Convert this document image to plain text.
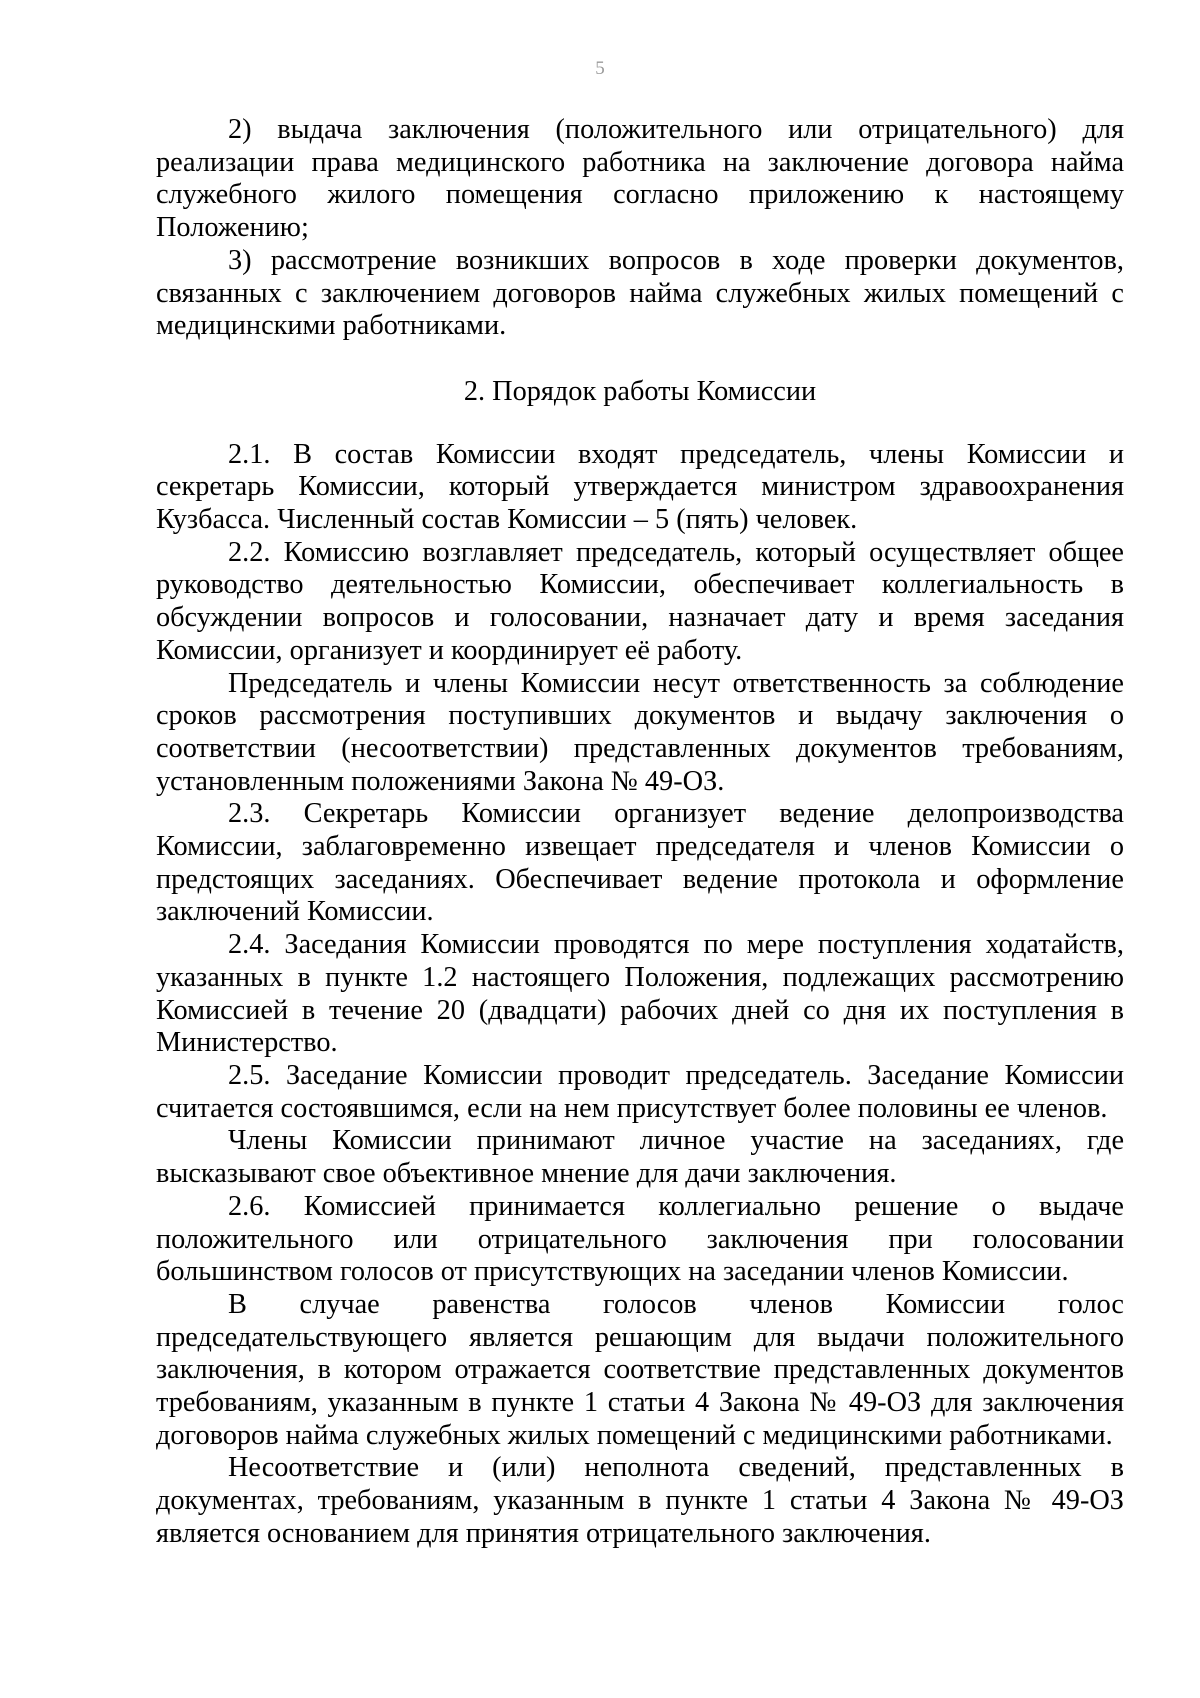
5

2) выдача заключения (положительного или отрицательного) для реализации права медицинского работника на заключение договора найма служебного жилого помещения согласно приложению к настоящему Положению;

3) рассмотрение возникших вопросов в ходе проверки документов, связанных с заключением договоров найма служебных жилых помещений с медицинскими работниками.

2. Порядок работы Комиссии

2.1. В состав Комиссии входят председатель, члены Комиссии и секретарь Комиссии, который утверждается министром здравоохранения Кузбасса. Численный состав Комиссии – 5 (пять) человек.

2.2. Комиссию возглавляет председатель, который осуществляет общее руководство деятельностью Комиссии, обеспечивает коллегиальность в обсуждении вопросов и голосовании, назначает дату и время заседания Комиссии, организует и координирует её работу.

Председатель и члены Комиссии несут ответственность за соблюдение сроков рассмотрения поступивших документов и выдачу заключения о соответствии (несоответствии) представленных документов требованиям, установленным положениями Закона № 49-ОЗ.

2.3. Секретарь Комиссии организует ведение делопроизводства Комиссии, заблаговременно извещает председателя и членов Комиссии о предстоящих заседаниях. Обеспечивает ведение протокола и оформление заключений Комиссии.

2.4. Заседания Комиссии проводятся по мере поступления ходатайств, указанных в пункте 1.2 настоящего Положения, подлежащих рассмотрению Комиссией в течение 20 (двадцати) рабочих дней со дня их поступления в Министерство.

2.5. Заседание Комиссии проводит председатель. Заседание Комиссии считается состоявшимся, если на нем присутствует более половины ее членов.

Члены Комиссии принимают личное участие на заседаниях, где высказывают свое объективное мнение для дачи заключения.

2.6. Комиссией принимается коллегиально решение о выдаче положительного или отрицательного заключения при голосовании большинством голосов от присутствующих на заседании членов Комиссии.

В случае равенства голосов членов Комиссии голос председательствующего является решающим для выдачи положительного заключения, в котором отражается соответствие представленных документов требованиям, указанным в пункте 1 статьи 4 Закона № 49-ОЗ для заключения договоров найма служебных жилых помещений с медицинскими работниками.

Несоответствие и (или) неполнота сведений, представленных в документах, требованиям, указанным в пункте 1 статьи 4 Закона № 49-ОЗ является основанием для принятия отрицательного заключения.
